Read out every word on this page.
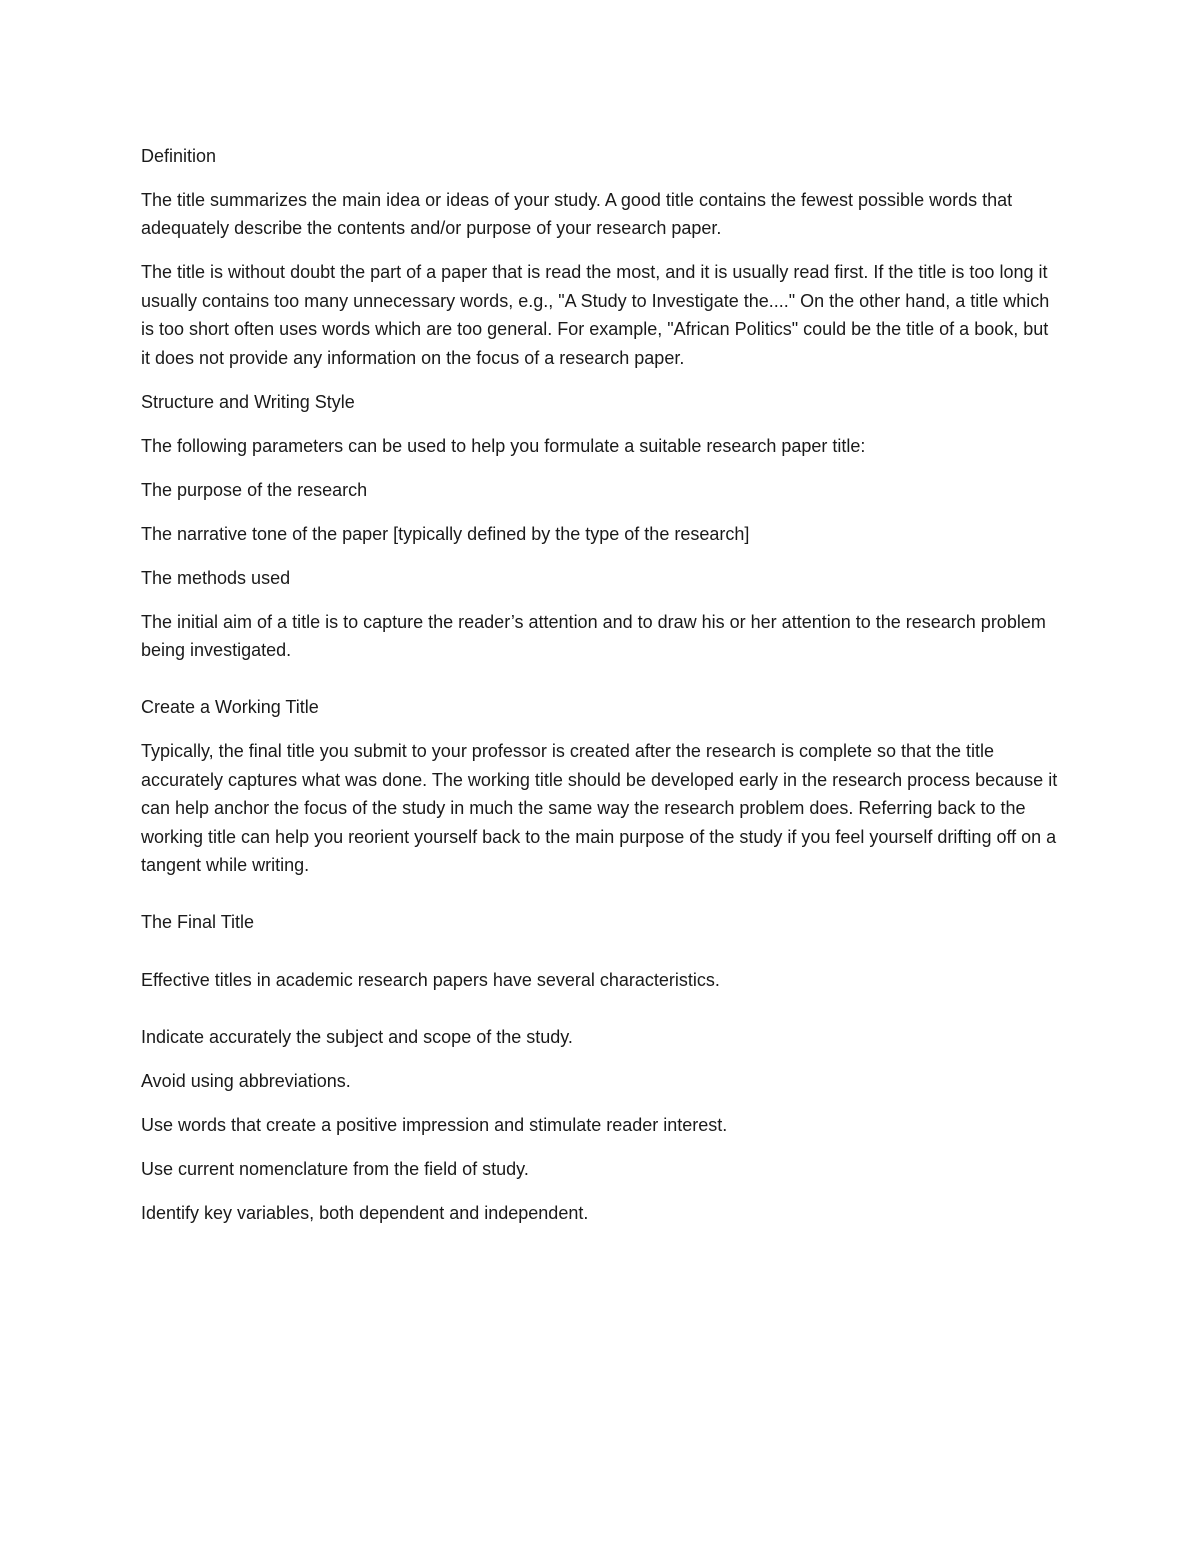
Definition

The title summarizes the main idea or ideas of your study. A good title contains the fewest possible words that adequately describe the contents and/or purpose of your research paper.

The title is without doubt the part of a paper that is read the most, and it is usually read first. If the title is too long it usually contains too many unnecessary words, e.g., "A Study to Investigate the...." On the other hand, a title which is too short often uses words which are too general. For example, "African Politics" could be the title of a book, but it does not provide any information on the focus of a research paper.

Structure and Writing Style

The following parameters can be used to help you formulate a suitable research paper title:

The purpose of the research

The narrative tone of the paper [typically defined by the type of the research]

The methods used

The initial aim of a title is to capture the reader’s attention and to draw his or her attention to the research problem being investigated.

Create a Working Title

Typically, the final title you submit to your professor is created after the research is complete so that the title accurately captures what was done. The working title should be developed early in the research process because it can help anchor the focus of the study in much the same way the research problem does. Referring back to the working title can help you reorient yourself back to the main purpose of the study if you feel yourself drifting off on a tangent while writing.

The Final Title

Effective titles in academic research papers have several characteristics.

Indicate accurately the subject and scope of the study.

Avoid using abbreviations.

Use words that create a positive impression and stimulate reader interest.

Use current nomenclature from the field of study.

Identify key variables, both dependent and independent.
